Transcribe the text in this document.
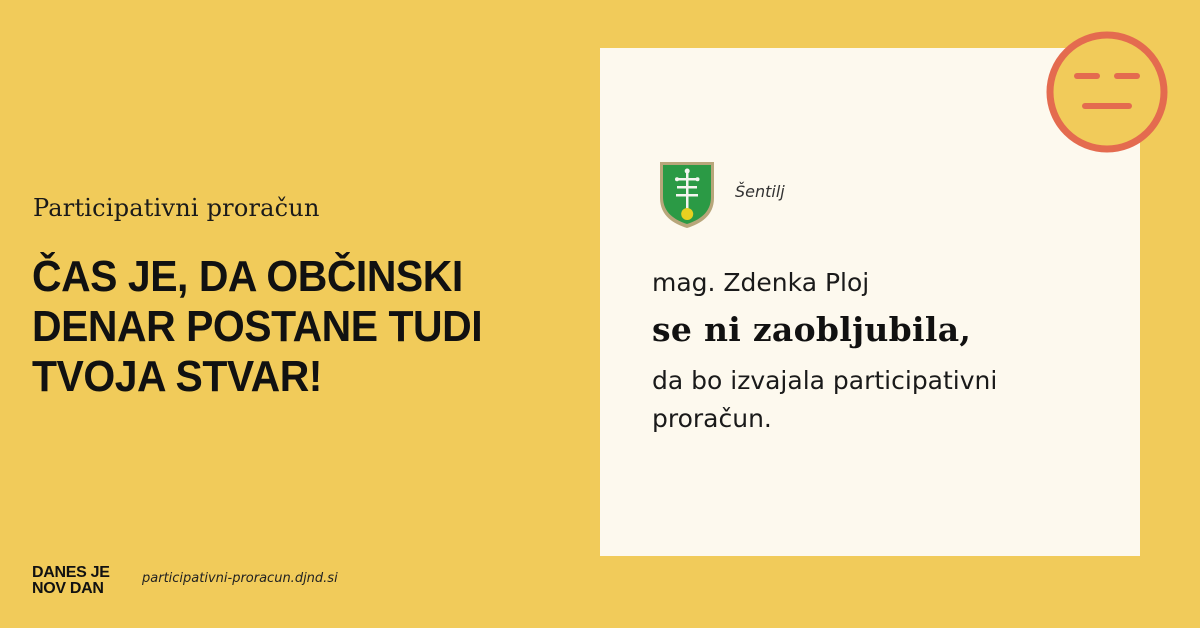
Participativni proračun
ČAS JE, DA OBČINSKI
DENAR POSTANE TUDI
TVOJA STVAR!
DANES JE
NOV DAN
participativni-proracun.djnd.si
Šentilj
mag. Zdenka Ploj
se ni zaobljubila,
da bo izvajala participativni proračun.
